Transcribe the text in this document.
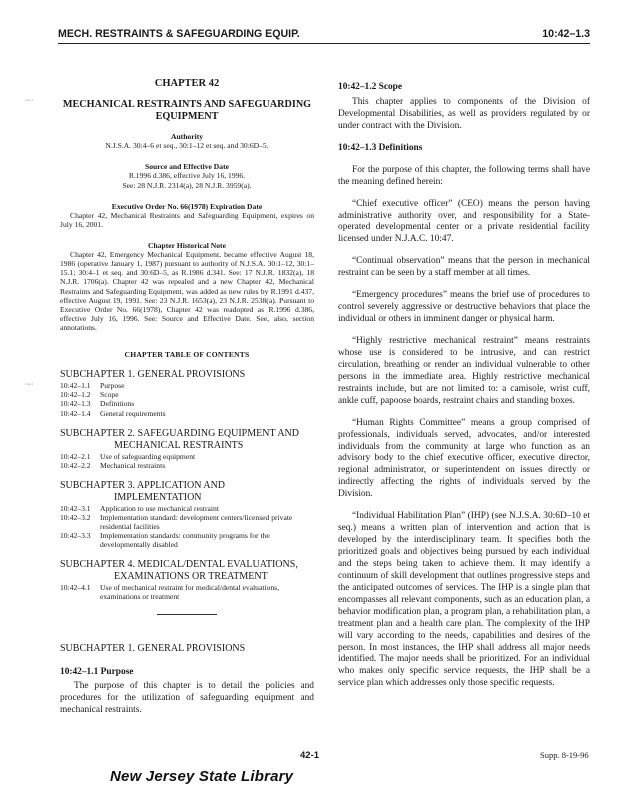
MECH. RESTRAINTS & SAFEGUARDING EQUIP.	10:42–1.3
·~·
·~·
CHAPTER 42
MECHANICAL RESTRAINTS AND SAFEGUARDING
EQUIPMENT
Authority
N.J.S.A. 30:4–6 et seq., 30:1–12 et seq. and 30:6D–5.
Source and Effective Date
R.1996 d.386, effective July 16, 1996.
See: 28 N.J.R. 2314(a), 28 N.J.R. 3959(a).
Executive Order No. 66(1978) Expiration Date
Chapter 42, Mechanical Restraints and Safeguarding Equipment, expires on July 16, 2001.
Chapter Historical Note
Chapter 42, Emergency Mechanical Equipment, became effective August 18, 1986 (operative January 1, 1987) pursuant to authority of N.J.S.A. 30:1–12, 30:1–15.1; 30:4–1 et seq. and 30:6D–5, as R.1986 d.341. See: 17 N.J.R. 1832(a), 18 N.J.R. 1706(a). Chapter 42 was repealed and a new Chapter 42, Mechanical Restraints and Safeguarding Equipment, was added as new rules by R.1991 d.437, effective August 19, 1991. See: 23 N.J.R. 1653(a), 23 N.J.R. 2538(a). Pursuant to Executive Order No. 66(1978), Chapter 42 was readopted as R.1996 d.386, effective July 16, 1996. See: Source and Effective Date. See, also, section annotations.
CHAPTER TABLE OF CONTENTS
SUBCHAPTER 1. GENERAL PROVISIONS
10:42–1.1	Purpose
10:42–1.2	Scope
10:42–1.3	Definitions
10:42–1.4	General requirements
SUBCHAPTER 2. SAFEGUARDING EQUIPMENT AND
MECHANICAL RESTRAINTS
10:42–2.1	Use of safeguarding equipment
10:42–2.2	Mechanical restraints
SUBCHAPTER 3. APPLICATION AND
IMPLEMENTATION
10:42–3.1	Application to use mechanical restraint
10:42–3.2	Implementation standard: development centers/licensed private residential facilities
10:42–3.3	Implementation standards: community programs for the developmentally disabled
SUBCHAPTER 4. MEDICAL/DENTAL EVALUATIONS,
EXAMINATIONS OR TREATMENT
10:42–4.1	Use of mechanical restraint for medical/dental evaluations, examinations or treatment
SUBCHAPTER 1. GENERAL PROVISIONS
10:42–1.1 Purpose

The purpose of this chapter is to detail the policies and procedures for the utilization of safeguarding equipment and mechanical restraints.

10:42–1.2 Scope

This chapter applies to components of the Division of Developmental Disabilities, as well as providers regulated by or under contract with the Division.

10:42–1.3 Definitions

For the purpose of this chapter, the following terms shall have the meaning defined herein:

“Chief executive officer” (CEO) means the person having administrative authority over, and responsibility for a State-operated developmental center or a private residential facility licensed under N.J.A.C. 10:47.

“Continual observation” means that the person in mechanical restraint can be seen by a staff member at all times.

“Emergency procedures” means the brief use of procedures to control severely aggressive or destructive behaviors that place the individual or others in imminent danger or physical harm.

“Highly restrictive mechanical restraint” means restraints whose use is considered to be intrusive, and can restrict circulation, breathing or render an individual vulnerable to other persons in the immediate area. Highly restrictive mechanical restraints include, but are not limited to: a camisole, wrist cuff, ankle cuff, papoose boards, restraint chairs and standing boxes.

“Human Rights Committee” means a group comprised of professionals, individuals served, advocates, and/or interested individuals from the community at large who function as an advisory body to the chief executive officer, executive director, regional administrator, or superintendent on issues directly or indirectly affecting the rights of individuals served by the Division.

“Individual Habilitation Plan” (IHP) (see N.J.S.A. 30:6D–10 et seq.) means a written plan of intervention and action that is developed by the interdisciplinary team. It specifies both the prioritized goals and objectives being pursued by each individual and the steps being taken to achieve them. It may identify a continuum of skill development that outlines progressive steps and the anticipated outcomes of services. The IHP is a single plan that encompasses all relevant components, such as an education plan, a behavior modification plan, a program plan, a rehabilitation plan, a treatment plan and a health care plan. The complexity of the IHP will vary according to the needs, capabilities and desires of the person. In most instances, the IHP shall address all major needs identified. The major needs shall be prioritized. For an individual who makes only specific service requests, the IHP shall be a service plan which addresses only those specific requests.

42-1	Supp. 8-19-96
New Jersey State Library
